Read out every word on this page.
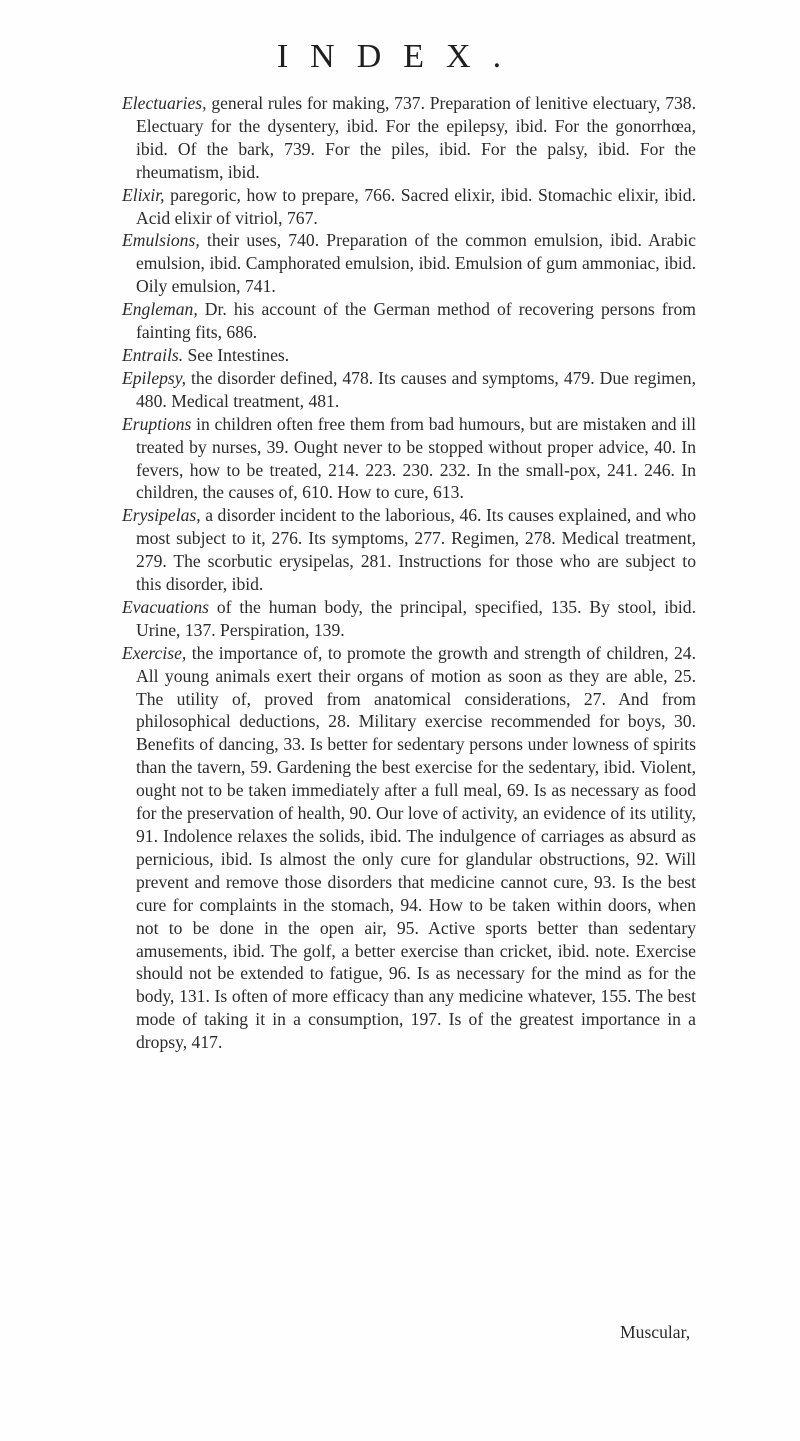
INDEX.

Electuaries, general rules for making, 737. Preparation of lenitive electuary, 738. Electuary for the dysentery, ibid. For the epilepsy, ibid. For the gonorrhœa, ibid. Of the bark, 739. For the piles, ibid. For the palsy, ibid. For the rheumatism, ibid.

Elixir, paregoric, how to prepare, 766. Sacred elixir, ibid. Stomachic elixir, ibid. Acid elixir of vitriol, 767.

Emulsions, their uses, 740. Preparation of the common emulsion, ibid. Arabic emulsion, ibid. Camphorated emulsion, ibid. Emulsion of gum ammoniac, ibid. Oily emulsion, 741.

Engleman, Dr. his account of the German method of recovering persons from fainting fits, 686.

Entrails. See Intestines.

Epilepsy, the disorder defined, 478. Its causes and symptoms, 479. Due regimen, 480. Medical treatment, 481.

Eruptions in children often free them from bad humours, but are mistaken and ill treated by nurses, 39. Ought never to be stopped without proper advice, 40. In fevers, how to be treated, 214. 223. 230. 232. In the small-pox, 241. 246. In children, the causes of, 610. How to cure, 613.

Erysipelas, a disorder incident to the laborious, 46. Its causes explained, and who most subject to it, 276. Its symptoms, 277. Regimen, 278. Medical treatment, 279. The scorbutic erysipelas, 281. Instructions for those who are subject to this disorder, ibid.

Evacuations of the human body, the principal, specified, 135. By stool, ibid. Urine, 137. Perspiration, 139.

Exercise, the importance of, to promote the growth and strength of children, 24. All young animals exert their organs of motion as soon as they are able, 25. The utility of, proved from anatomical considerations, 27. And from philosophical deductions, 28. Military exercise recommended for boys, 30. Benefits of dancing, 33. Is better for sedentary persons under lowness of spirits than the tavern, 59. Gardening the best exercise for the sedentary, ibid. Violent, ought not to be taken immediately after a full meal, 69. Is as necessary as food for the preservation of health, 90. Our love of activity, an evidence of its utility, 91. Indolence relaxes the solids, ibid. The indulgence of carriages as absurd as pernicious, ibid. Is almost the only cure for glandular obstructions, 92. Will prevent and remove those disorders that medicine cannot cure, 93. Is the best cure for complaints in the stomach, 94. How to be taken within doors, when not to be done in the open air, 95. Active sports better than sedentary amusements, ibid. The golf, a better exercise than cricket, ibid. note. Exercise should not be extended to fatigue, 96. Is as necessary for the mind as for the body, 131. Is often of more efficacy than any medicine whatever, 155. The best mode of taking it in a consumption, 197. Is of the greatest importance in a dropsy, 417.

Muscular,
